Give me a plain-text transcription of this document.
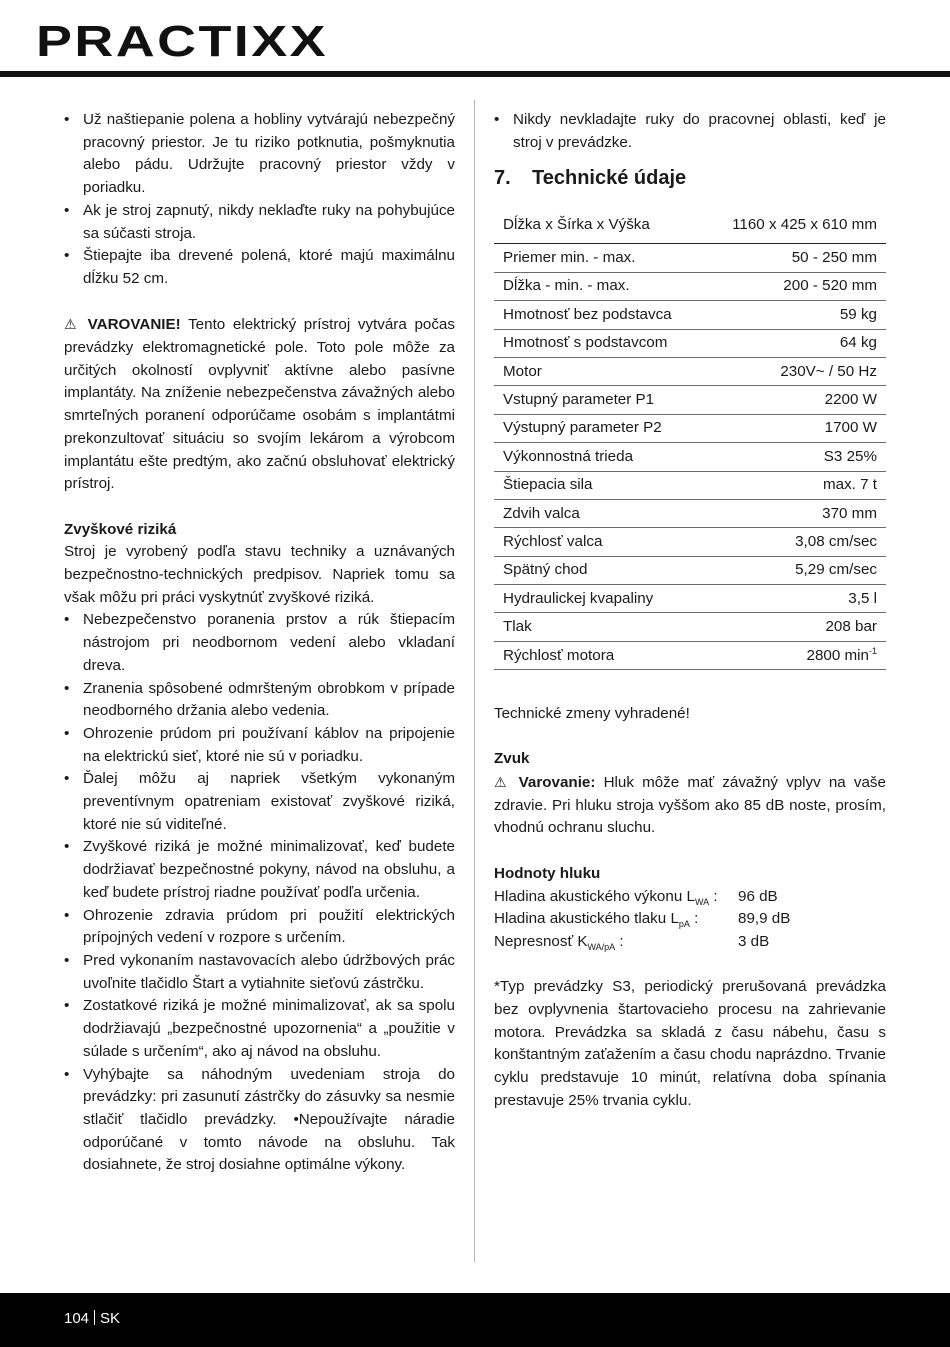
PRACTIXX
• Už naštiepanie polena a hobliny vytvárajú nebezpečný pracovný priestor. Je tu riziko potknutia, pošmyknutia alebo pádu. Udržujte pracovný priestor vždy v poriadku.
• Ak je stroj zapnutý, nikdy neklaďte ruky na pohybujúce sa súčasti stroja.
• Štiepajte iba drevené polená, ktoré majú maximálnu dĺžku 52 cm.

⚠ VAROVANIE! Tento elektrický prístroj vytvára počas prevádzky elektromagnetické pole. Toto pole môže za určitých okolností ovplyvniť aktívne alebo pasívne implantáty. Na zníženie nebezpečenstva závažných alebo smrteľných poranení odporúčame osobám s implantátmi prekonzultovať situáciu so svojím lekárom a výrobcom implantátu ešte predtým, ako začnú obsluhovať elektrický prístroj.

Zvyškové riziká

Stroj je vyrobený podľa stavu techniky a uznávaných bezpečnostno-technických predpisov. Napriek tomu sa však môžu pri práci vyskytnúť zvyškové riziká.

• Nebezpečenstvo poranenia prstov a rúk štiepacím nástrojom pri neodbornom vedení alebo vkladaní dreva.
• Zranenia spôsobené odmršteným obrobkom v prípade neodborného držania alebo vedenia.
• Ohrozenie prúdom pri používaní káblov na pripojenie na elektrickú sieť, ktoré nie sú v poriadku.
• Ďalej môžu aj napriek všetkým vykonaným preventívnym opatreniam existovať zvyškové riziká, ktoré nie sú viditeľné.
• Zvyškové riziká je možné minimalizovať, keď budete dodržiavať bezpečnostné pokyny, návod na obsluhu, a keď budete prístroj riadne používať podľa určenia.
• Ohrozenie zdravia prúdom pri použití elektrických prípojných vedení v rozpore s určením.
• Pred vykonaním nastavovacích alebo údržbových prác uvoľnite tlačidlo Štart a vytiahnite sieťovú zástrčku.
• Zostatkové riziká je možné minimalizovať, ak sa spolu dodržiavajú „bezpečnostné upozornenia“ a „použitie v súlade s určením“, ako aj návod na obsluhu.
• Vyhýbajte sa náhodným uvedeniam stroja do prevádzky: pri zasunutí zástrčky do zásuvky sa nesmie stlačiť tlačidlo prevádzky. •Nepoužívajte náradie odporúčané v tomto návode na obsluhu. Tak dosiahnete, že stroj dosiahne optimálne výkony.
• Nikdy nevkladajte ruky do pracovnej oblasti, keď je stroj v prevádzke.
7. Technické údaje
Dĺžka x Šírka x Výška	1160 x 425 x 610 mm
Priemer min. - max.	50 - 250 mm
Dĺžka - min. - max.	200 - 520 mm
Hmotnosť bez podstavca	59 kg
Hmotnosť s podstavcom	64 kg
Motor	230V~ / 50 Hz
Vstupný parameter P1	2200 W
Výstupný parameter P2	1700 W
Výkonnostná trieda	S3 25%
Štiepacia sila	max. 7 t
Zdvih valca	370 mm
Rýchlosť valca	3,08 cm/sec
Spätný chod	5,29 cm/sec
Hydraulickej kvapaliny	3,5 l
Tlak	208 bar
Rýchlosť motora	2800 $\min^{-1}$

Technické zmeny vyhradené!

Zvuk

⚠ Varovanie: Hluk môže mať závažný vplyv na vaše zdravie. Pri hluku stroja vyššom ako 85 dB noste, prosím, vhodnú ochranu sluchu.

Hodnoty hluku

Hladina akustického výkonu $L_{WA}$ :	96 dB
Hladina akustického tlaku $L_{pA}$ :	89,9 dB
Nepresnosť $K_{WA/pA}$ :	3 dB

*Typ prevádzky S3, periodický prerušovaná prevádzka bez ovplyvnenia štartovacieho procesu na zahrievanie motora. Prevádzka sa skladá z času nábehu, času s konštantným zaťažením a času chodu naprázdno. Trvanie cyklu predstavuje 10 minút, relatívna doba spínania prestavuje 25% trvania cyklu.

104 SK
